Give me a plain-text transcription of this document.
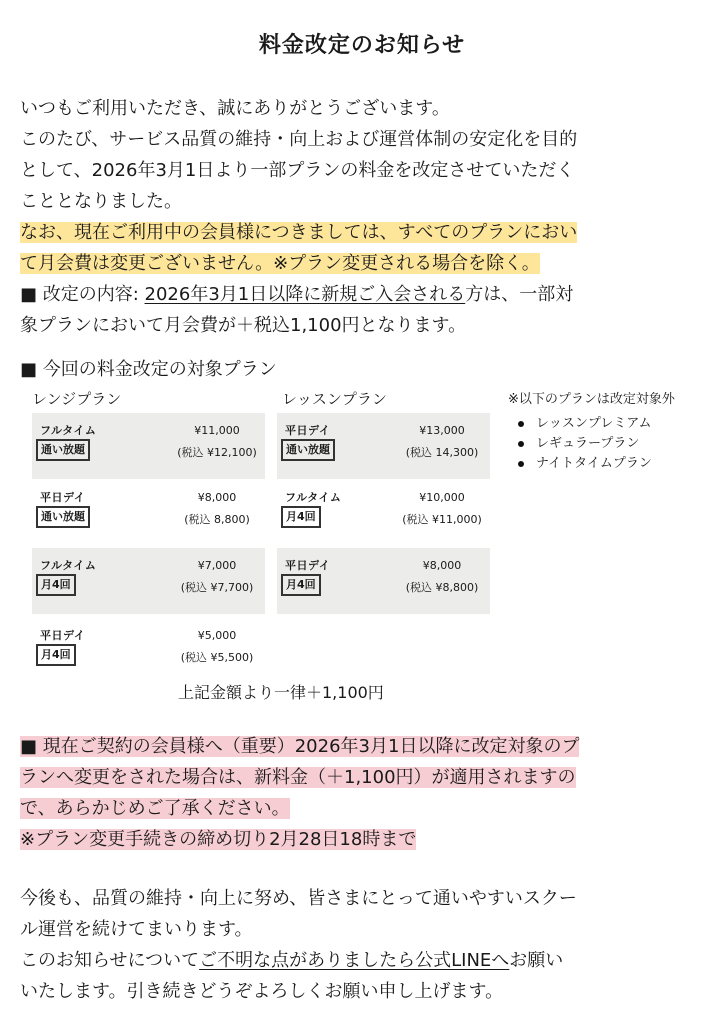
料金改定のお知らせ
いつもご利用いただき、誠にありがとうございます。
このたび、サービス品質の維持・向上および運営体制の安定化を目的
として、2026年3月1日より一部プランの料金を改定させていただく
こととなりました。
なお、現在ご利用中の会員様につきましては、すべてのプランにおい
て月会費は変更ございません。※プラン変更される場合を除く。
■ 改定の内容: 2026年3月1日以降に新規ご入会される方は、一部対
象プランにおいて月会費が＋税込1,100円となります。
■ 今回の料金改定の対象プラン
レンジプラン	レッスンプラン	※以下のプランは改定対象外
レッスンプレミアム
レギュラープラン
ナイトタイムプラン
フルタイム
通い放題
¥11,000
(税込 ¥12,100)
平日デイ
通い放題
¥8,000
(税込 8,800)
フルタイム
月4回
¥7,000
(税込 ¥7,700)
平日デイ
月4回
¥5,000
(税込 ¥5,500)
平日デイ
通い放題
¥13,000
(税込 14,300)
フルタイム
月4回
¥10,000
(税込 ¥11,000)
平日デイ
月4回
¥8,000
(税込 ¥8,800)
上記金額より一律＋1,100円
■ 現在ご契約の会員様へ（重要）2026年3月1日以降に改定対象のプ
ランへ変更をされた場合は、新料金（＋1,100円）が適用されますの
で、あらかじめご了承ください。
※プラン変更手続きの締め切り2月28日18時まで
今後も、品質の維持・向上に努め、皆さまにとって通いやすいスクー
ル運営を続けてまいります。
このお知らせについてご不明な点がありましたら公式LINEへお願い
いたします。引き続きどうぞよろしくお願い申し上げます。
